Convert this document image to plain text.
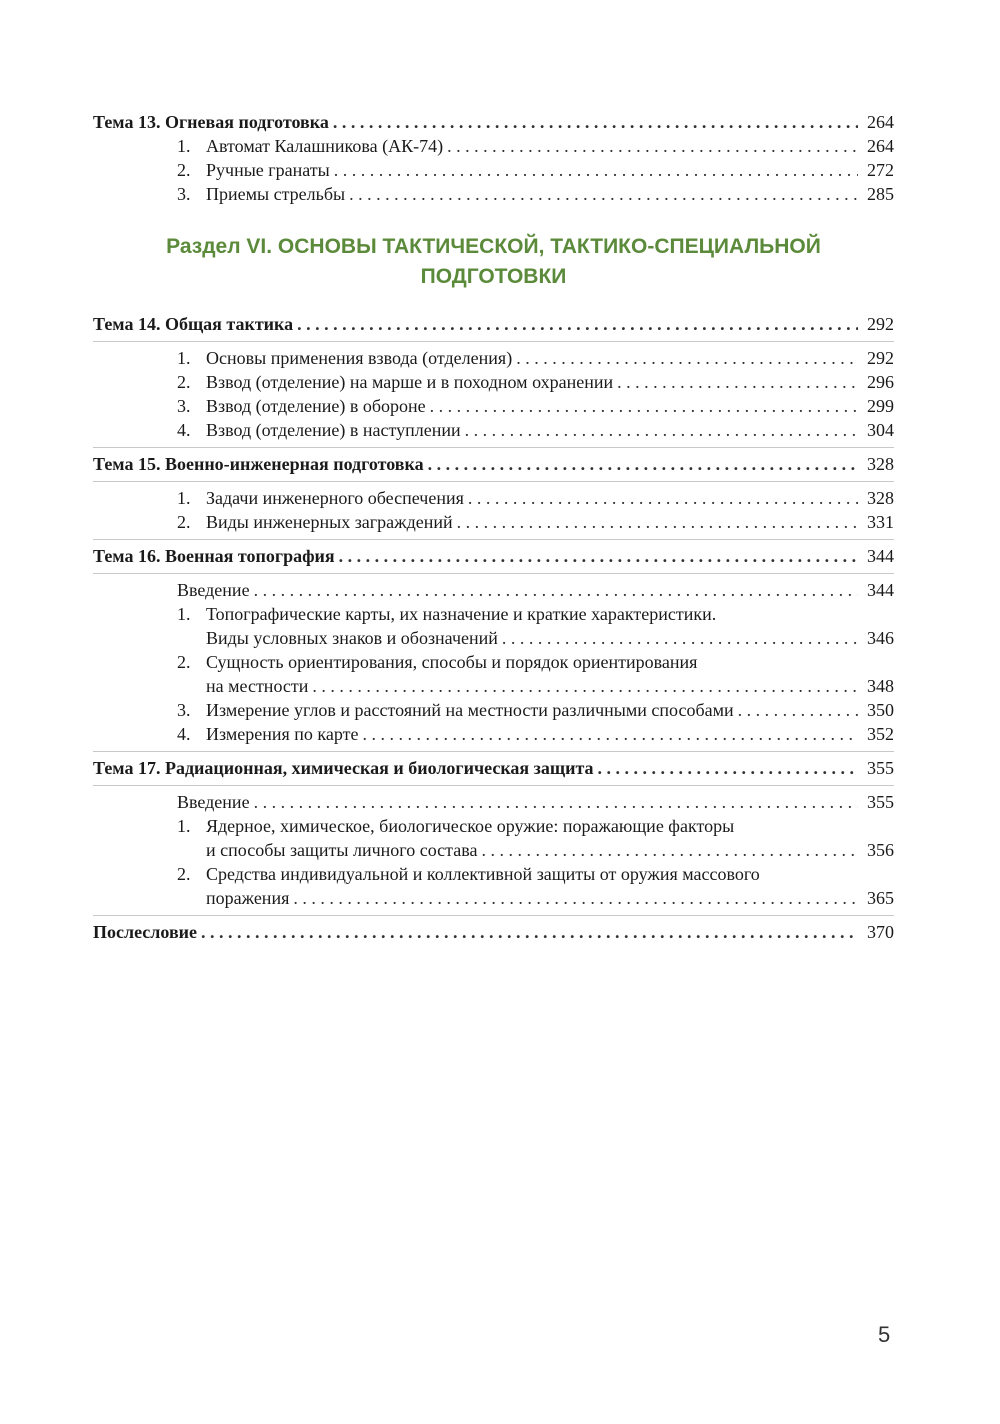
Тема 13. Огневая подготовка . . .	264
1. Автомат Калашникова (АК-74) . . .	264
2. Ручные гранаты . . .	272
3. Приемы стрельбы . . .	285
Раздел VI. ОСНОВЫ ТАКТИЧЕСКОЙ, ТАКТИКО-СПЕЦИАЛЬНОЙ
ПОДГОТОВКИ
Тема 14. Общая тактика . . .	292
1. Основы применения взвода (отделения) . . .	292
2. Взвод (отделение) на марше и в походном охранении . . .	296
3. Взвод (отделение) в обороне . . .	299
4. Взвод (отделение) в наступлении . . .	304
Тема 15. Военно-инженерная подготовка . . .	328
1. Задачи инженерного обеспечения . . .	328
2. Виды инженерных заграждений . . .	331
Тема 16. Военная топография . . .	344
Введение . . .	344
1. Топографические карты, их назначение и краткие характеристики.
Виды условных знаков и обозначений . . .	346
2. Сущность ориентирования, способы и порядок ориентирования
на местности . . .	348
3. Измерение углов и расстояний на местности различными способами . . .	350
4. Измерения по карте . . .	352
Тема 17. Радиационная, химическая и биологическая защита . . .	355
Введение . . .	355
1. Ядерное, химическое, биологическое оружие: поражающие факторы
и способы защиты личного состава . . .	356
2. Средства индивидуальной и коллективной защиты от оружия массового
поражения . . .	365
Послесловие . . .	370
5
